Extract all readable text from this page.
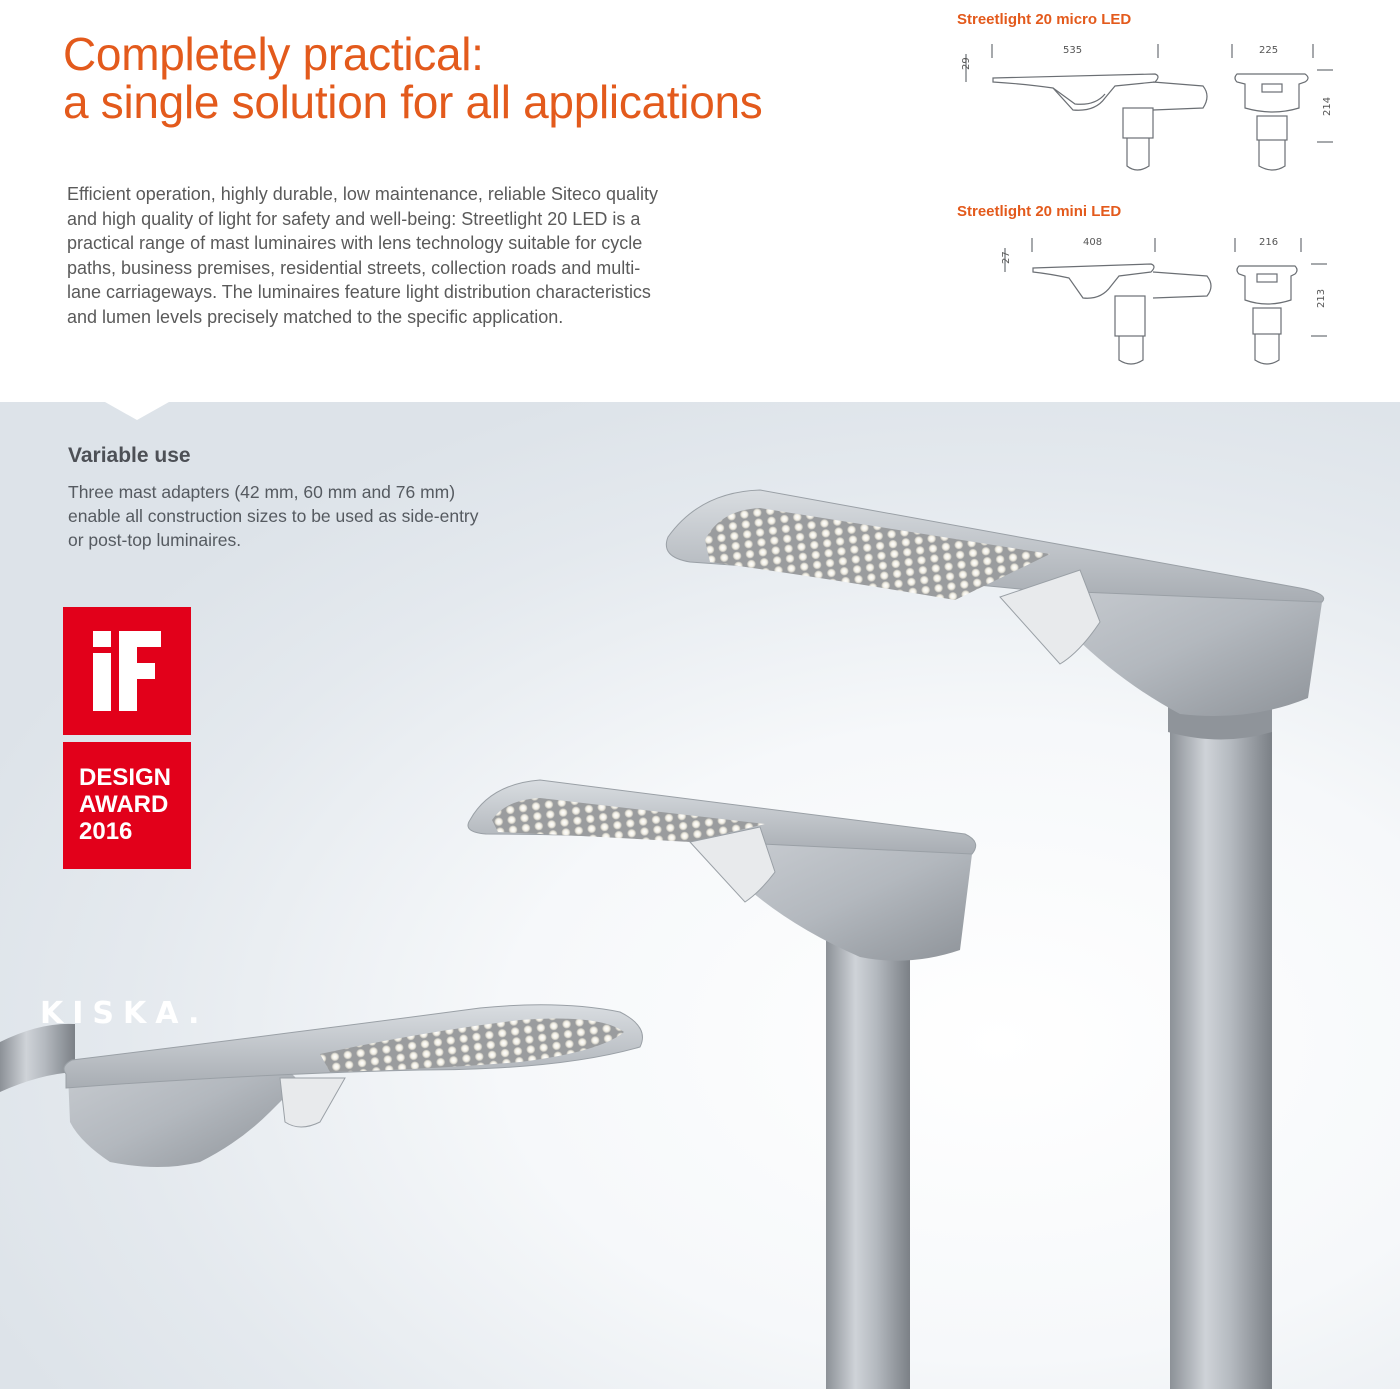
Completely practical:
a single solution for all applications

Efficient operation, highly durable, low maintenance, reliable Siteco quality and high quality of light for safety and well-being: Streetlight 20 LED is a practical range of mast luminaires with lens technology suitable for cycle paths, business premises, residential streets, collection roads and multi-lane carriageways. The luminaires feature light distribution characteristics and lumen levels precisely matched to the specific application.

Streetlight 20 micro LED

535
29
225
214

Streetlight 20 mini LED

408
27
216
213
Variable use

Three mast adapters (42 mm, 60 mm and 76 mm) enable all construction sizes to be used as side-entry or post-top luminaires.

DESIGN
AWARD
2016
KISKA.
